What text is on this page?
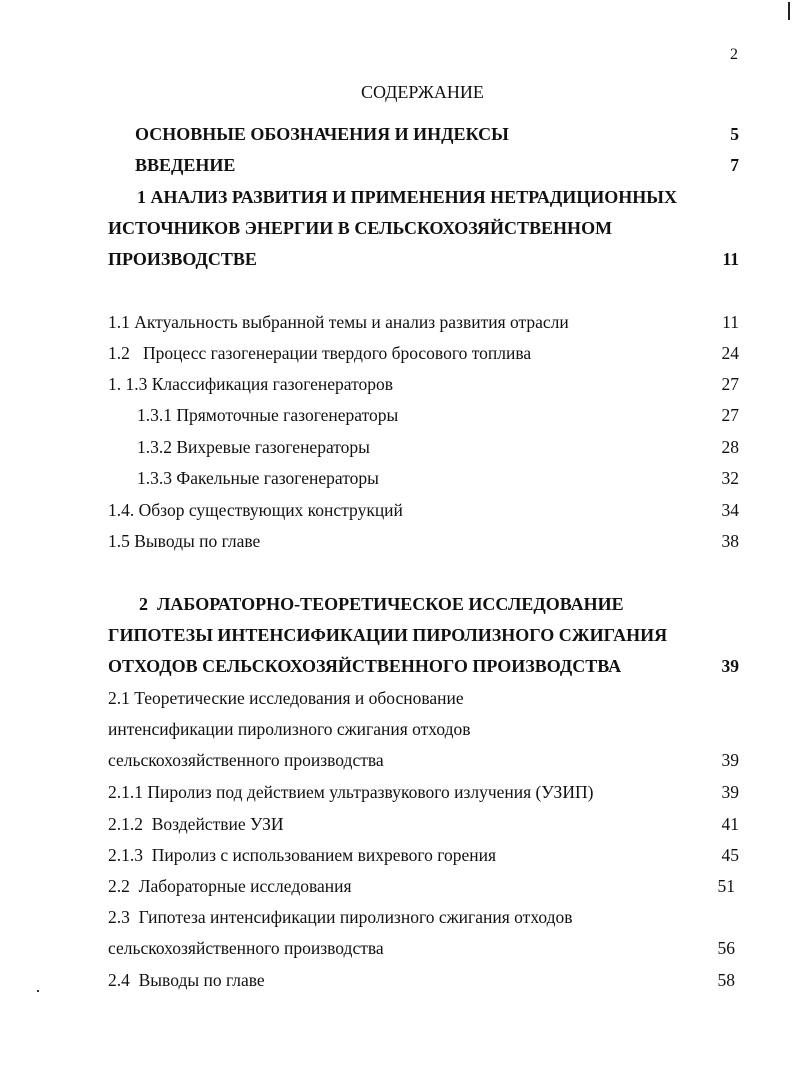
2
СОДЕРЖАНИЕ
ОСНОВНЫЕ ОБОЗНАЧЕНИЯ И ИНДЕКСЫ	5
ВВЕДЕНИЕ	7
1 АНАЛИЗ РАЗВИТИЯ И ПРИМЕНЕНИЯ НЕТРАДИЦИОННЫХ
ИСТОЧНИКОВ ЭНЕРГИИ В СЕЛЬСКОХОЗЯЙСТВЕННОМ
ПРОИЗВОДСТВЕ	11
1.1 Актуальность выбранной темы и анализ развития отрасли	11
1.2   Процесс газогенерации твердого бросового топлива	24
1. 1.3 Классификация газогенераторов	27
1.3.1 Прямоточные газогенераторы	27
1.3.2 Вихревые газогенераторы	28
1.3.3 Факельные газогенераторы	32
1.4. Обзор существующих конструкций	34
1.5 Выводы по главе	38
2  ЛАБОРАТОРНО-ТЕОРЕТИЧЕСКОЕ ИССЛЕДОВАНИЕ
ГИПОТЕЗЫ ИНТЕНСИФИКАЦИИ ПИРОЛИЗНОГО СЖИГАНИЯ
ОТХОДОВ СЕЛЬСКОХОЗЯЙСТВЕННОГО ПРОИЗВОДСТВА	39
2.1 Теоретические исследования и обоснование
интенсификации пиролизного сжигания отходов
сельскохозяйственного производства	39
2.1.1 Пиролиз под действием ультразвукового излучения (УЗИП)	39
2.1.2  Воздействие УЗИ	41
2.1.3  Пиролиз с использованием вихревого горения	45
2.2  Лабораторные исследования	51
2.3  Гипотеза интенсификации пиролизного сжигания отходов
сельскохозяйственного производства	56
2.4  Выводы по главе	58
